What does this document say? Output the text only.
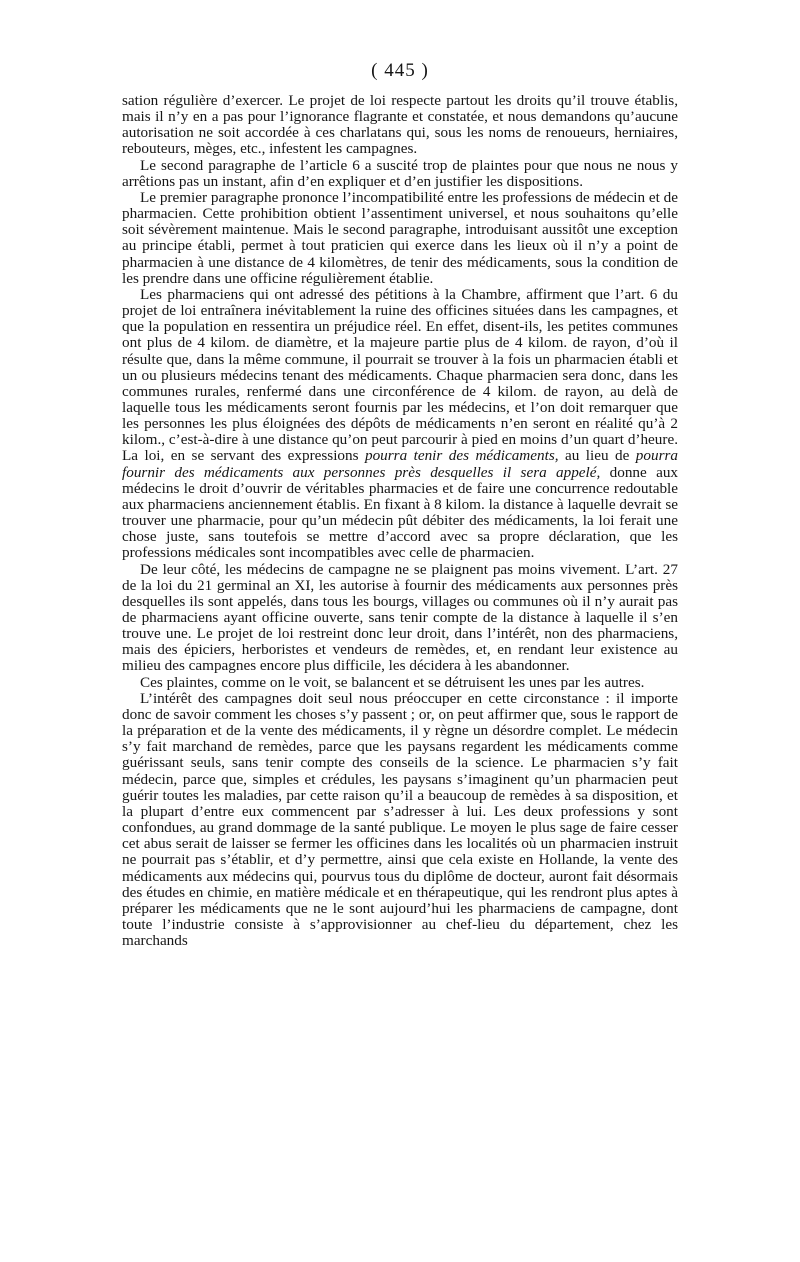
( 445 )

sation régulière d’exercer. Le projet de loi respecte partout les droits qu’il trouve établis, mais il n’y en a pas pour l’ignorance flagrante et constatée, et nous demandons qu’aucune autorisation ne soit accordée à ces charlatans qui, sous les noms de renoueurs, herniaires, rebouteurs, mèges, etc., infestent les campagnes.

Le second paragraphe de l’article 6 a suscité trop de plaintes pour que nous ne nous y arrêtions pas un instant, afin d’en expliquer et d’en justifier les dispositions.

Le premier paragraphe prononce l’incompatibilité entre les professions de médecin et de pharmacien. Cette prohibition obtient l’assentiment universel, et nous souhaitons qu’elle soit sévèrement maintenue. Mais le second paragraphe, introduisant aussitôt une exception au principe établi, permet à tout praticien qui exerce dans les lieux où il n’y a point de pharmacien à une distance de 4 kilomètres, de tenir des médicaments, sous la condition de les prendre dans une officine régulièrement établie.

Les pharmaciens qui ont adressé des pétitions à la Chambre, affirment que l’art. 6 du projet de loi entraînera inévitablement la ruine des officines situées dans les campagnes, et que la population en ressentira un préjudice réel. En effet, disent-ils, les petites communes ont plus de 4 kilom. de diamètre, et la majeure partie plus de 4 kilom. de rayon, d’où il résulte que, dans la même commune, il pourrait se trouver à la fois un pharmacien établi et un ou plusieurs médecins tenant des médicaments. Chaque pharmacien sera donc, dans les communes rurales, renfermé dans une circonférence de 4 kilom. de rayon, au delà de laquelle tous les médicaments seront fournis par les médecins, et l’on doit remarquer que les personnes les plus éloignées des dépôts de médicaments n’en seront en réalité qu’à 2 kilom., c’est-à-dire à une distance qu’on peut parcourir à pied en moins d’un quart d’heure. La loi, en se servant des expressions pourra tenir des médicaments, au lieu de pourra fournir des médicaments aux personnes près desquelles il sera appelé, donne aux médecins le droit d’ouvrir de véritables pharmacies et de faire une concurrence redoutable aux pharmaciens anciennement établis. En fixant à 8 kilom. la distance à laquelle devrait se trouver une pharmacie, pour qu’un médecin pût débiter des médicaments, la loi ferait une chose juste, sans toutefois se mettre d’accord avec sa propre déclaration, que les professions médicales sont incompatibles avec celle de pharmacien.

De leur côté, les médecins de campagne ne se plaignent pas moins vivement. L’art. 27 de la loi du 21 germinal an XI, les autorise à fournir des médicaments aux personnes près desquelles ils sont appelés, dans tous les bourgs, villages ou communes où il n’y aurait pas de pharmaciens ayant officine ouverte, sans tenir compte de la distance à laquelle il s’en trouve une. Le projet de loi restreint donc leur droit, dans l’intérêt, non des pharmaciens, mais des épiciers, herboristes et vendeurs de remèdes, et, en rendant leur existence au milieu des campagnes encore plus difficile, les décidera à les abandonner.

Ces plaintes, comme on le voit, se balancent et se détruisent les unes par les autres.

L’intérêt des campagnes doit seul nous préoccuper en cette circonstance : il importe donc de savoir comment les choses s’y passent ; or, on peut affirmer que, sous le rapport de la préparation et de la vente des médicaments, il y règne un désordre complet. Le médecin s’y fait marchand de remèdes, parce que les paysans regardent les médicaments comme guérissant seuls, sans tenir compte des conseils de la science. Le pharmacien s’y fait médecin, parce que, simples et crédules, les paysans s’imaginent qu’un pharmacien peut guérir toutes les maladies, par cette raison qu’il a beaucoup de remèdes à sa disposition, et la plupart d’entre eux commencent par s’adresser à lui. Les deux professions y sont confondues, au grand dommage de la santé publique. Le moyen le plus sage de faire cesser cet abus serait de laisser se fermer les officines dans les localités où un pharmacien instruit ne pourrait pas s’établir, et d’y permettre, ainsi que cela existe en Hollande, la vente des médicaments aux médecins qui, pourvus tous du diplôme de docteur, auront fait désormais des études en chimie, en matière médicale et en thérapeutique, qui les rendront plus aptes à préparer les médicaments que ne le sont aujourd’hui les pharmaciens de campagne, dont toute l’industrie consiste à s’approvisionner au chef-lieu du département, chez les marchands
